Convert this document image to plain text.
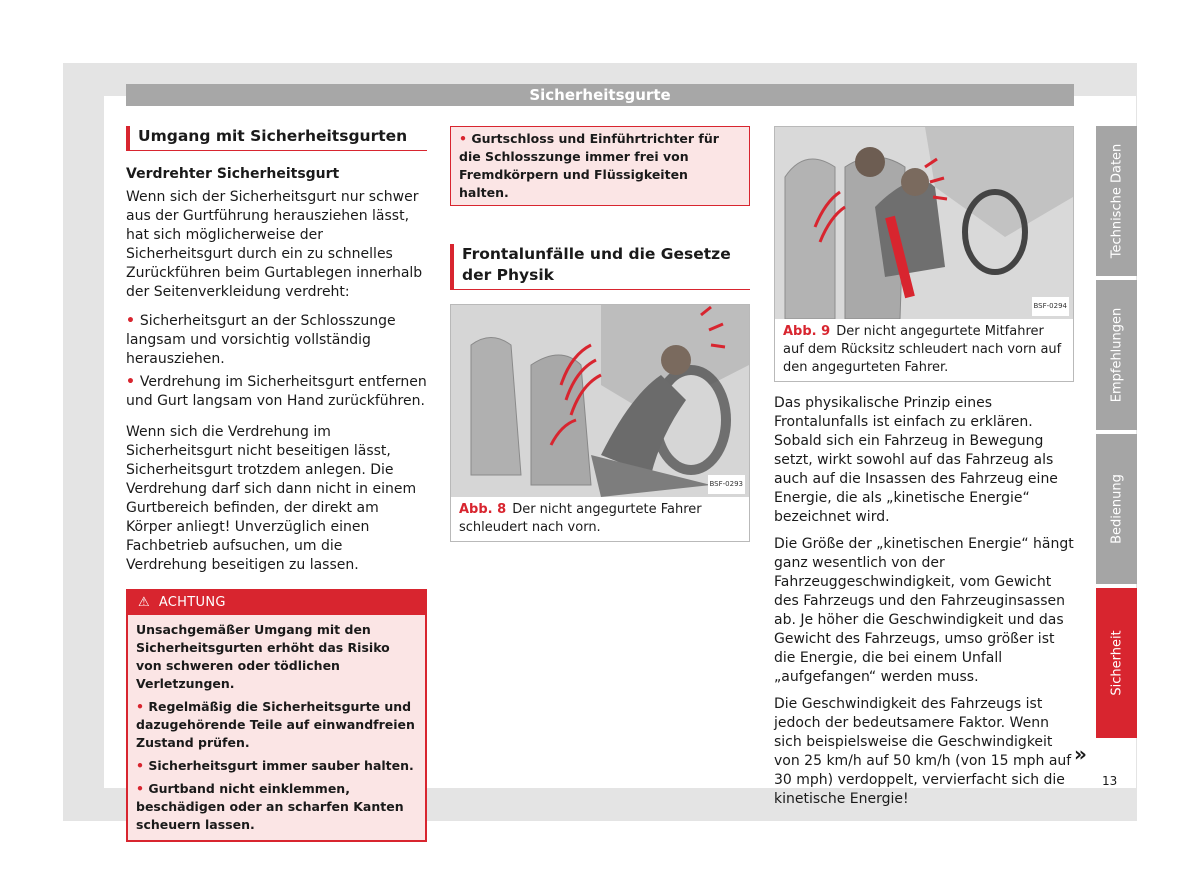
Sicherheitsgurte
Umgang mit Sicherheitsgurten
Verdrehter Sicherheitsgurt

Wenn sich der Sicherheitsgurt nur schwer aus der Gurtführung herausziehen lässt, hat sich möglicherweise der Sicherheitsgurt durch ein zu schnelles Zurückführen beim Gurtablegen innerhalb der Seitenverkleidung verdreht:

• Sicherheitsgurt an der Schlosszunge langsam und vorsichtig vollständig herausziehen.

• Verdrehung im Sicherheitsgurt entfernen und Gurt langsam von Hand zurückführen.

Wenn sich die Verdrehung im Sicherheitsgurt nicht beseitigen lässt, Sicherheitsgurt trotzdem anlegen. Die Verdrehung darf sich dann nicht in einem Gurtbereich befinden, der direkt am Körper anliegt! Unverzüglich einen Fachbetrieb aufsuchen, um die Verdrehung beseitigen zu lassen.

⚠ ACHTUNG

Unsachgemäßer Umgang mit den Sicherheitsgurten erhöht das Risiko von schweren oder tödlichen Verletzungen.

• Regelmäßig die Sicherheitsgurte und dazugehörende Teile auf einwandfreien Zustand prüfen.

• Sicherheitsgurt immer sauber halten.

• Gurtband nicht einklemmen, beschädigen oder an scharfen Kanten scheuern lassen.

• Gurtschloss und Einführtrichter für die Schlosszunge immer frei von Fremdkörpern und Flüssigkeiten halten.
Frontalunfälle und die Gesetze der Physik
BSF-0293
Abb. 8 Der nicht angegurtete Fahrer schleudert nach vorn.
BSF-0294
Abb. 9 Der nicht angegurtete Mitfahrer auf dem Rücksitz schleudert nach vorn auf den angegurteten Fahrer.

Das physikalische Prinzip eines Frontalunfalls ist einfach zu erklären. Sobald sich ein Fahrzeug in Bewegung setzt, wirkt sowohl auf das Fahrzeug als auch auf die Insassen des Fahrzeug eine Energie, die als „kinetische Energie“ bezeichnet wird.

Die Größe der „kinetischen Energie“ hängt ganz wesentlich von der Fahrzeuggeschwindigkeit, vom Gewicht des Fahrzeugs und den Fahrzeuginsassen ab. Je höher die Geschwindigkeit und das Gewicht des Fahrzeugs, umso größer ist die Energie, die bei einem Unfall „aufgefangen“ werden muss.

Die Geschwindigkeit des Fahrzeugs ist jedoch der bedeutsamere Faktor. Wenn sich beispielsweise die Geschwindigkeit von 25 km/h auf 50 km/h (von 15 mph auf 30 mph) verdoppelt, vervierfacht sich die kinetische Energie!

»
Technische Daten
Empfehlungen
Bedienung
Sicherheit
13
